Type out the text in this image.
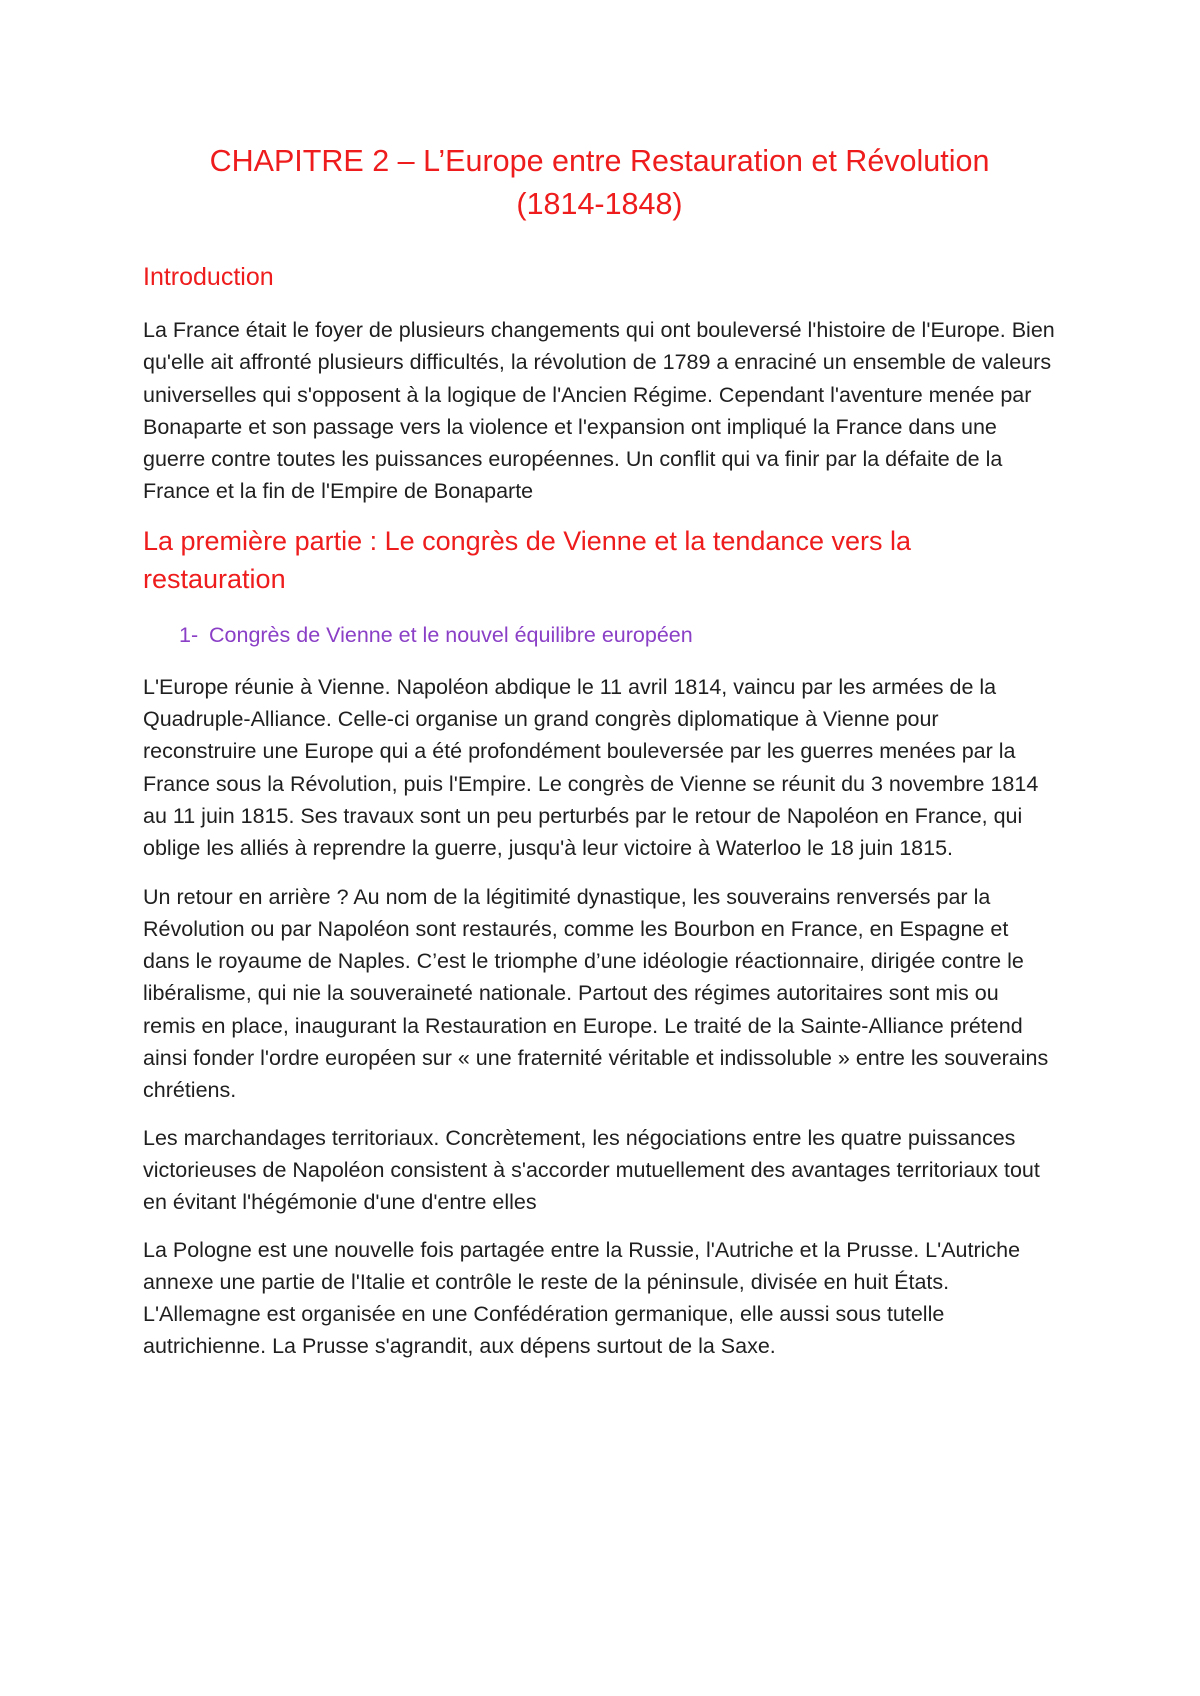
CHAPITRE 2 – L’Europe entre Restauration et Révolution
(1814-1848)
Introduction

La France était le foyer de plusieurs changements qui ont bouleversé l'histoire de l'Europe. Bien qu'elle ait affronté plusieurs difficultés, la révolution de 1789 a enraciné un ensemble de valeurs universelles qui s'opposent à la logique de l'Ancien Régime. Cependant l'aventure menée par Bonaparte et son passage vers la violence et l'expansion ont impliqué la France dans une guerre contre toutes les puissances européennes. Un conflit qui va finir par la défaite de la France et la fin de l'Empire de Bonaparte

La première partie : Le congrès de Vienne et la tendance vers la restauration
1- Congrès de Vienne et le nouvel équilibre européen

L'Europe réunie à Vienne. Napoléon abdique le 11 avril 1814, vaincu par les armées de la Quadruple-Alliance. Celle-ci organise un grand congrès diplomatique à Vienne pour reconstruire une Europe qui a été profondément bouleversée par les guerres menées par la France sous la Révolution, puis l'Empire. Le congrès de Vienne se réunit du 3 novembre 1814 au 11 juin 1815. Ses travaux sont un peu perturbés par le retour de Napoléon en France, qui oblige les alliés à reprendre la guerre, jusqu'à leur victoire à Waterloo le 18 juin 1815.

Un retour en arrière ? Au nom de la légitimité dynastique, les souverains renversés par la Révolution ou par Napoléon sont restaurés, comme les Bourbon en France, en Espagne et dans le royaume de Naples. C’est le triomphe d’une idéologie réactionnaire, dirigée contre le libéralisme, qui nie la souveraineté nationale. Partout des régimes autoritaires sont mis ou remis en place, inaugurant la Restauration en Europe. Le traité de la Sainte-Alliance prétend ainsi fonder l'ordre européen sur « une fraternité véritable et indissoluble » entre les souverains chrétiens.

Les marchandages territoriaux. Concrètement, les négociations entre les quatre puissances victorieuses de Napoléon consistent à s'accorder mutuellement des avantages territoriaux tout en évitant l'hégémonie d'une d'entre elles

La Pologne est une nouvelle fois partagée entre la Russie, l'Autriche et la Prusse. L'Autriche annexe une partie de l'Italie et contrôle le reste de la péninsule, divisée en huit États. L'Allemagne est organisée en une Confédération germanique, elle aussi sous tutelle autrichienne. La Prusse s'agrandit, aux dépens surtout de la Saxe.
